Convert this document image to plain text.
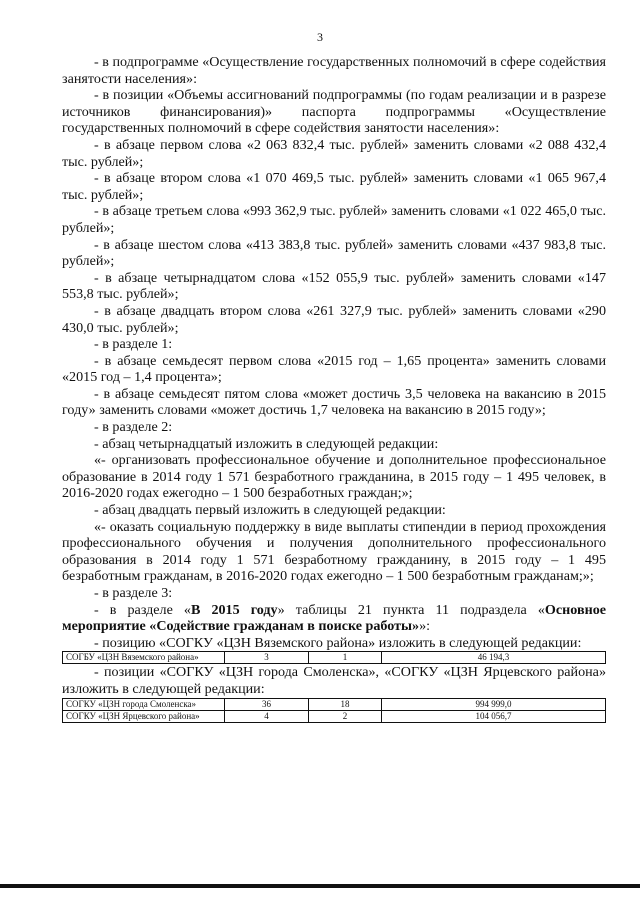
3

- в подпрограмме «Осуществление государственных полномочий в сфере содействия занятости населения»:

- в позиции «Объемы ассигнований подпрограммы (по годам реализации и в разрезе источников финансирования)» паспорта подпрограммы «Осуществление государственных полномочий в сфере содействия занятости населения»:

- в абзаце первом слова «2 063 832,4 тыс. рублей» заменить словами «2 088 432,4 тыс. рублей»;

- в абзаце втором слова «1 070 469,5 тыс. рублей» заменить словами «1 065 967,4 тыс. рублей»;

- в абзаце третьем слова «993 362,9 тыс. рублей» заменить словами «1 022 465,0 тыс. рублей»;

- в абзаце шестом слова «413 383,8 тыс. рублей» заменить словами «437 983,8 тыс. рублей»;

- в абзаце четырнадцатом слова «152 055,9 тыс. рублей» заменить словами «147 553,8 тыс. рублей»;

- в абзаце двадцать втором слова «261 327,9 тыс. рублей» заменить словами «290 430,0 тыс. рублей»;

- в разделе 1:

- в абзаце семьдесят первом слова «2015 год – 1,65 процента» заменить словами «2015 год – 1,4 процента»;

- в абзаце семьдесят пятом слова «может достичь 3,5 человека на вакансию в 2015 году» заменить словами «может достичь 1,7 человека на вакансию в 2015 году»;

- в разделе 2:

- абзац четырнадцатый изложить в следующей редакции:

«- организовать профессиональное обучение и дополнительное профессиональное образование в 2014 году 1 571 безработного гражданина, в 2015 году – 1 495 человек, в 2016-2020 годах ежегодно – 1 500 безработных граждан;»;

- абзац двадцать первый изложить в следующей редакции:

«- оказать социальную поддержку в виде выплаты стипендии в период прохождения профессионального обучения и получения дополнительного профессионального образования в 2014 году 1 571 безработному гражданину, в 2015 году – 1 495 безработным гражданам, в 2016-2020 годах ежегодно – 1 500 безработным гражданам;»;

- в разделе 3:

- в разделе «В 2015 году» таблицы 21 пункта 11 подраздела «Основное мероприятие «Содействие гражданам в поиске работы»»:

- позицию «СОГКУ «ЦЗН Вяземского района» изложить в следующей редакции:

СОГБУ «ЦЗН Вяземского района»	3	1	46 194,3

- позиции «СОГКУ «ЦЗН города Смоленска», «СОГКУ «ЦЗН Ярцевского района» изложить в следующей редакции:

СОГКУ «ЦЗН города Смоленска»	36	18	994 999,0
СОГКУ «ЦЗН Ярцевского района»	4	2	104 056,7
